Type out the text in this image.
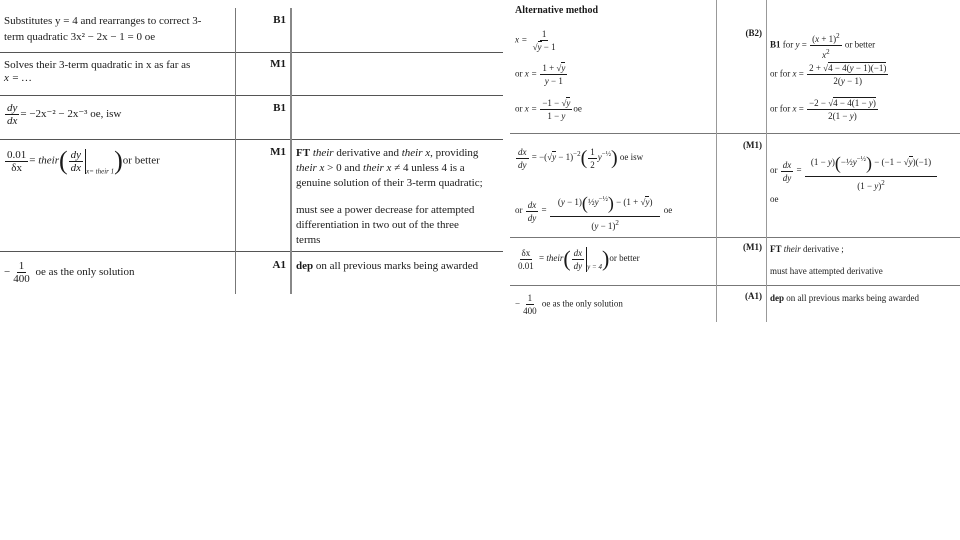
Substitutes y = 4 and rearranges to correct 3-
term quadratic 3x² − 2x − 1 = 0 oe
B1
Solves their 3-term quadratic in x as far as
x = …
M1
$\frac{dy}{dx} = -2x^{-2} - 2x^{-3}$ oe, isw
B1
$\frac{0.01}{\delta x}$ = their( $\frac{dy}{dx} _{x= their 1})or$ better
M1 FT their derivative and their x, providing
their x > 0 and their x ≠ 4 unless 4 is a
genuine solution of their 3-term quadratic;
must see a power decrease for attempted
differentiation in two out of the three
terms
− $\frac{1}{400}$ oe as the only solution
A1 dep on all previous marks being awarded
Alternative method
$x = \frac{1}{√y - 1}$
or $x = \frac{1 + √y}{y - 1}$
or $x = \frac{-1 - √y}{1 - y}$ oe
(B2)
B1 for $y = \frac{(x + 1)^2}{x^2}$ or better
or for $x = \frac{2 + √4 - 4(y - 1)(-1)}{2(y - 1)}$
or for $x = \frac{-2 - √4 - 4(1 - y)}{2(1 - y)}$
$\frac{dx}{dy} = -(√y - 1)^{-2}( \frac{1}{2} y^{-\frac{1}{2}})$ oe isw
or $\frac{dx}{dy} = \frac{(y - 1)(\frac{1}{2}y^{-\frac{1}{2}}) - (1 + √y)}{(y - 1)^2}$ oe
(M1)
or $\frac{dx}{dy} = \frac{(1 - y)(-\frac{1}{2}y^{-\frac{1}{2}}) - (-1 - √y)(-1)}{(1 - y)^2}$
oe
$\frac{\delta x}{0.01}$ = their( $\frac{dx}{dy} _{y = 4})or$ better
(M1) FT their derivative ;
must have attempted derivative
− $\frac{1}{400}$ oe as the only solution
(A1) dep on all previous marks being awarded
